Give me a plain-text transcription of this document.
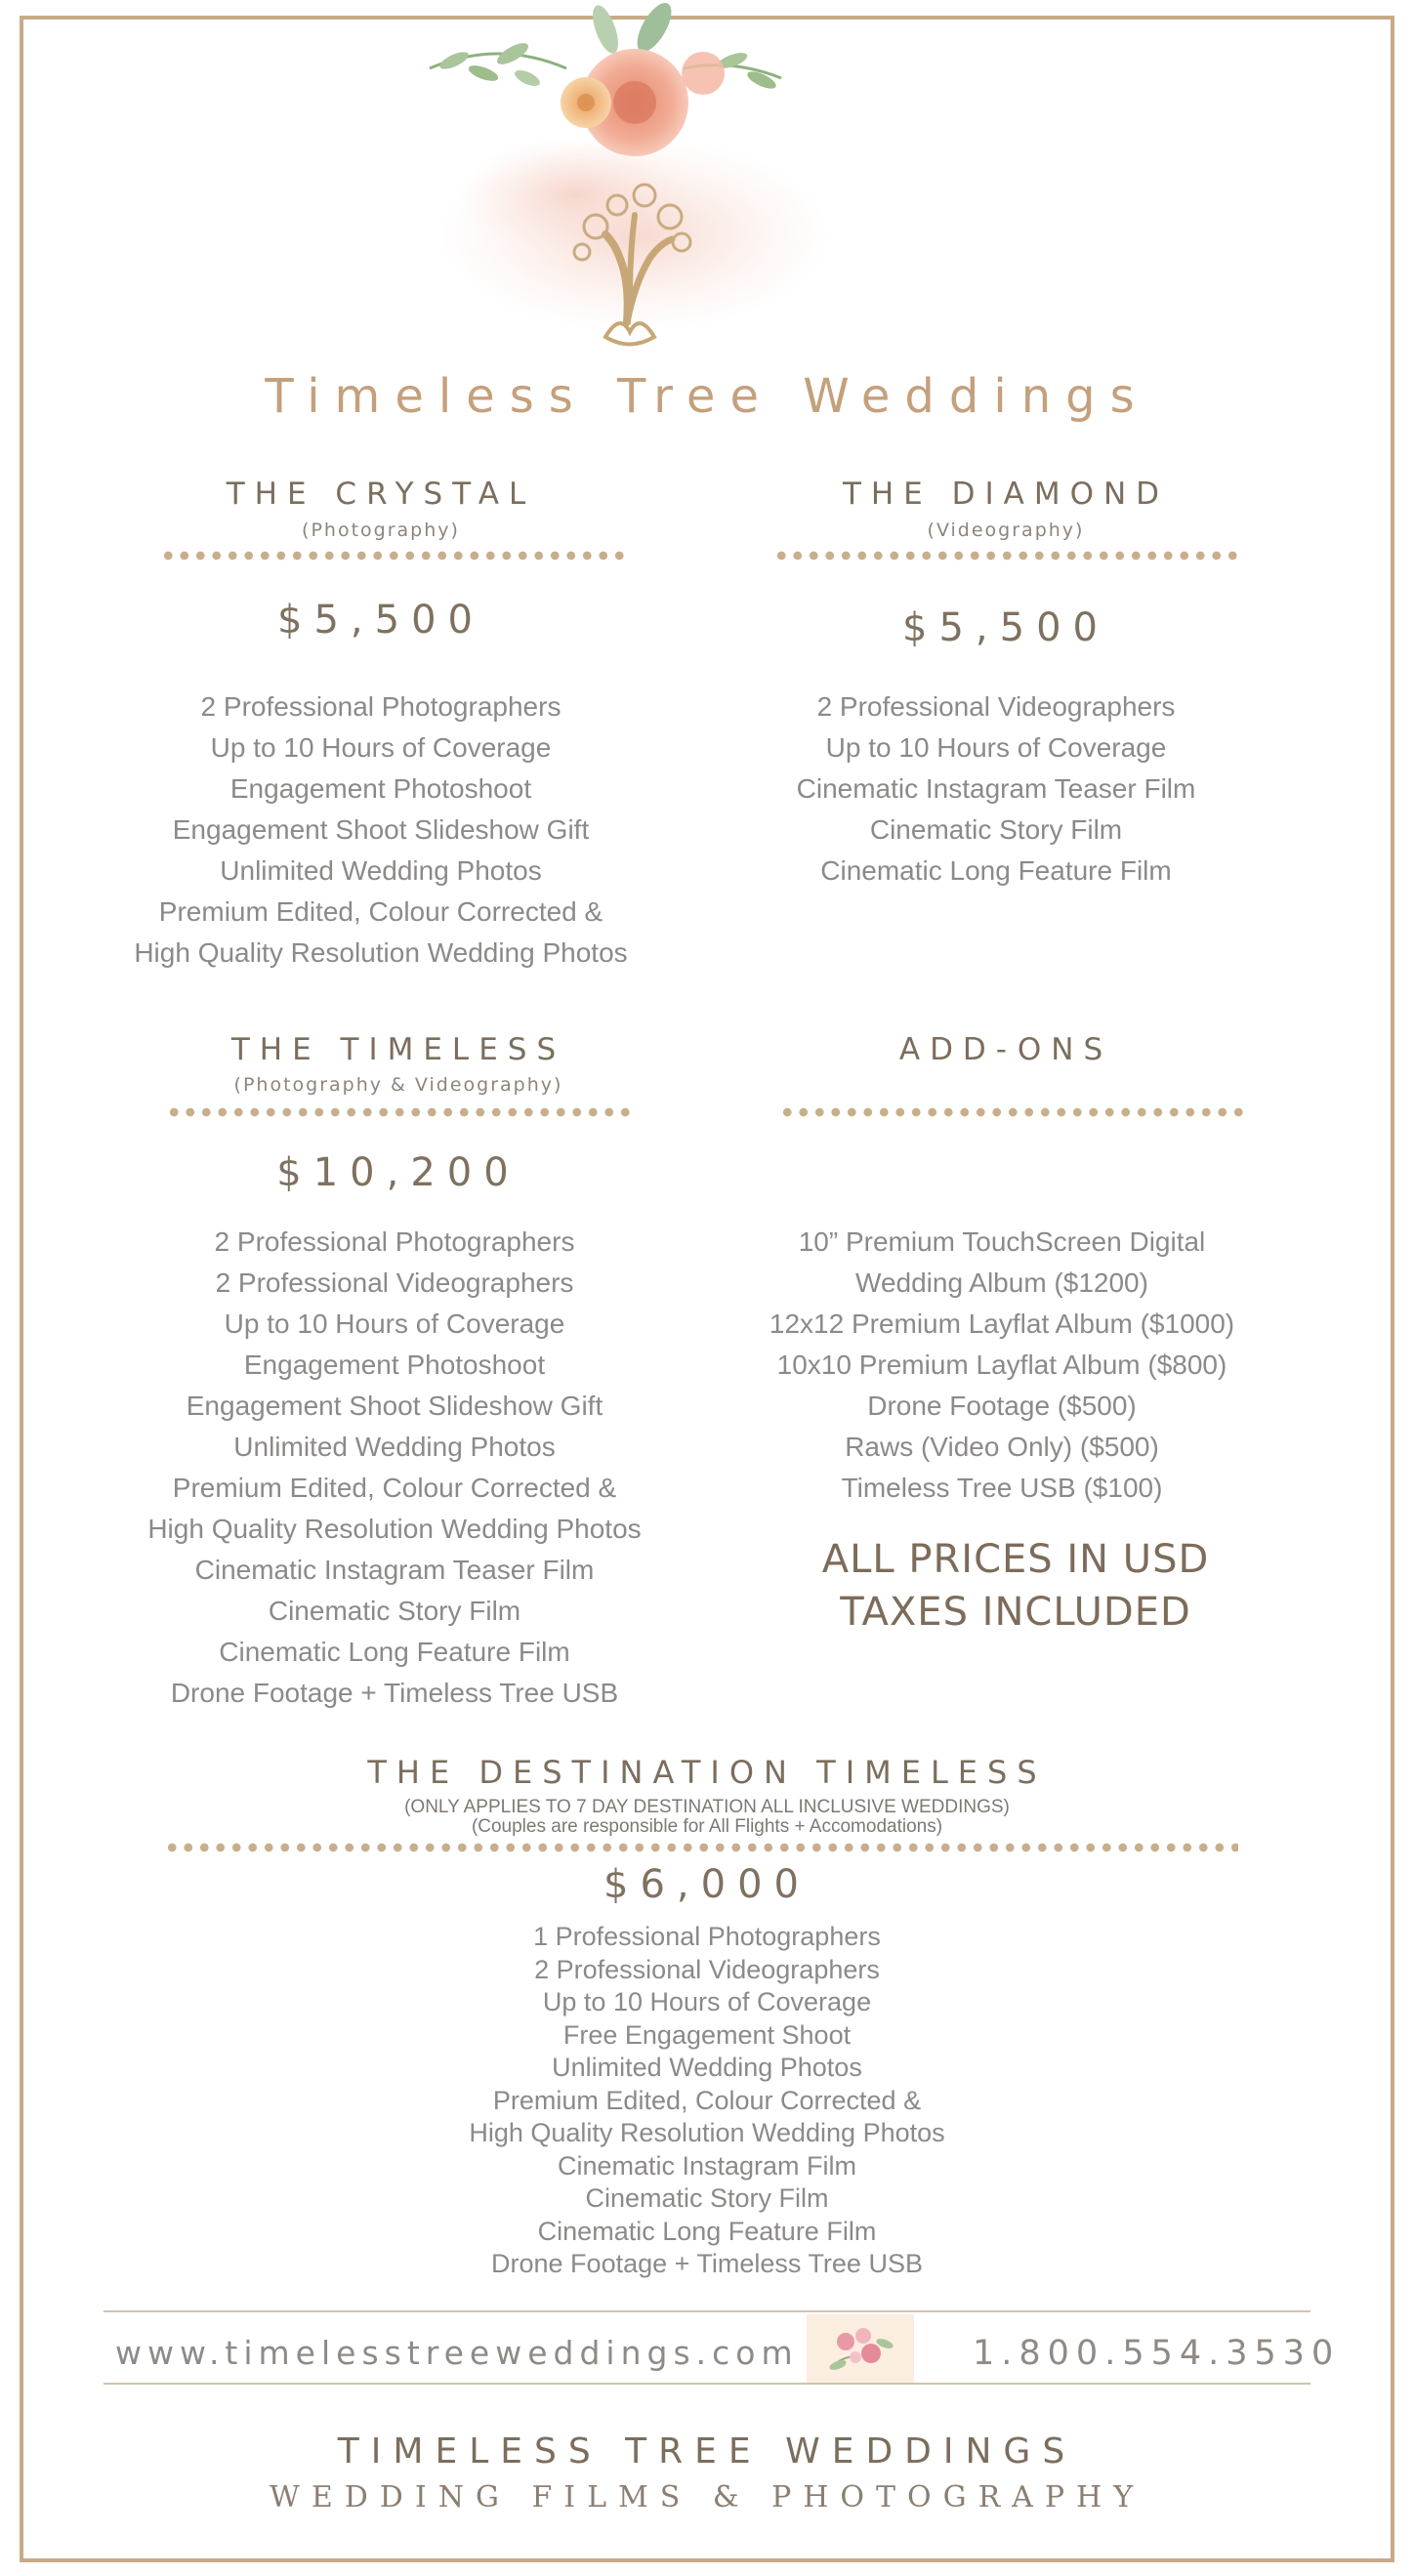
Timeless Tree Weddings
THE CRYSTAL
(Photography)
$5,500
2 Professional Photographers
Up to 10 Hours of Coverage
Engagement Photoshoot
Engagement Shoot Slideshow Gift
Unlimited Wedding Photos
Premium Edited, Colour Corrected &
High Quality Resolution Wedding Photos
THE DIAMOND
(Videography)
$5,500
2 Professional Videographers
Up to 10 Hours of Coverage
Cinematic Instagram Teaser Film
Cinematic Story Film
Cinematic Long Feature Film
THE TIMELESS
(Photography & Videography)
$10,200
2 Professional Photographers
2 Professional Videographers
Up to 10 Hours of Coverage
Engagement Photoshoot
Engagement Shoot Slideshow Gift
Unlimited Wedding Photos
Premium Edited, Colour Corrected &
High Quality Resolution Wedding Photos
Cinematic Instagram Teaser Film
Cinematic Story Film
Cinematic Long Feature Film
Drone Footage + Timeless Tree USB
ADD-ONS
10” Premium TouchScreen Digital
Wedding Album ($1200)
12x12 Premium Layflat Album ($1000)
10x10 Premium Layflat Album ($800)
Drone Footage ($500)
Raws (Video Only) ($500)
Timeless Tree USB ($100)
ALL PRICES IN USD
TAXES INCLUDED
THE DESTINATION TIMELESS
(ONLY APPLIES TO 7 DAY DESTINATION ALL INCLUSIVE WEDDINGS)
(Couples are responsible for All Flights + Accomodations)
$6,000
1 Professional Photographers
2 Professional Videographers
Up to 10 Hours of Coverage
Free Engagement Shoot
Unlimited Wedding Photos
Premium Edited, Colour Corrected &
High Quality Resolution Wedding Photos
Cinematic Instagram Film
Cinematic Story Film
Cinematic Long Feature Film
Drone Footage + Timeless Tree USB
www.timelesstreeweddings.com	1.800.554.3530
TIMELESS TREE WEDDINGS
WEDDING FILMS & PHOTOGRAPHY
